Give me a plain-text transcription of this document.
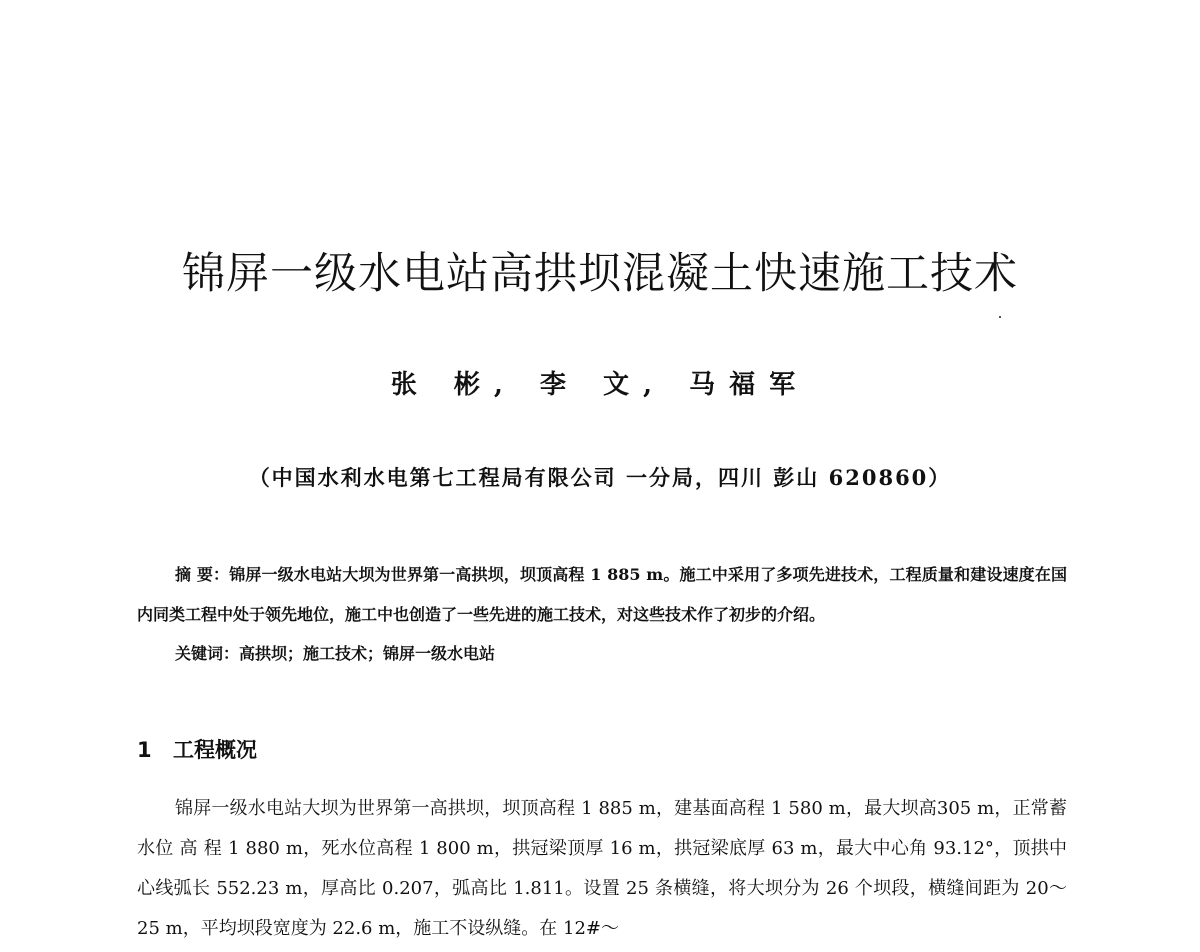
锦屏一级水电站高拱坝混凝土快速施工技术
张 彬, 李 文, 马福军
（中国水利水电第七工程局有限公司 一分局，四川 彭山 620860）
摘 要：锦屏一级水电站大坝为世界第一高拱坝，坝顶高程 1 885 m。施工中采用了多项先进技术，工程质量和建设速度在国内同类工程中处于领先地位，施工中也创造了一些先进的施工技术，对这些技术作了初步的介绍。
关键词：高拱坝；施工技术；锦屏一级水电站
1 工程概况
锦屏一级水电站大坝为世界第一高拱坝，坝顶高程 1 885 m，建基面高程 1 580 m，最大坝高305 m，正常蓄水位 高 程 1 880 m，死水位高程 1 800 m，拱冠梁顶厚 16 m，拱冠梁底厚 63 m，最大中心角 93.12°，顶拱中心线弧长 552.23 m，厚高比 0.207，弧高比 1.811。设置 25 条横缝，将大坝分为 26 个坝段，横缝间距为 20～25 m，平均坝段宽度为 22.6 m，施工不设纵缝。在 12#～
